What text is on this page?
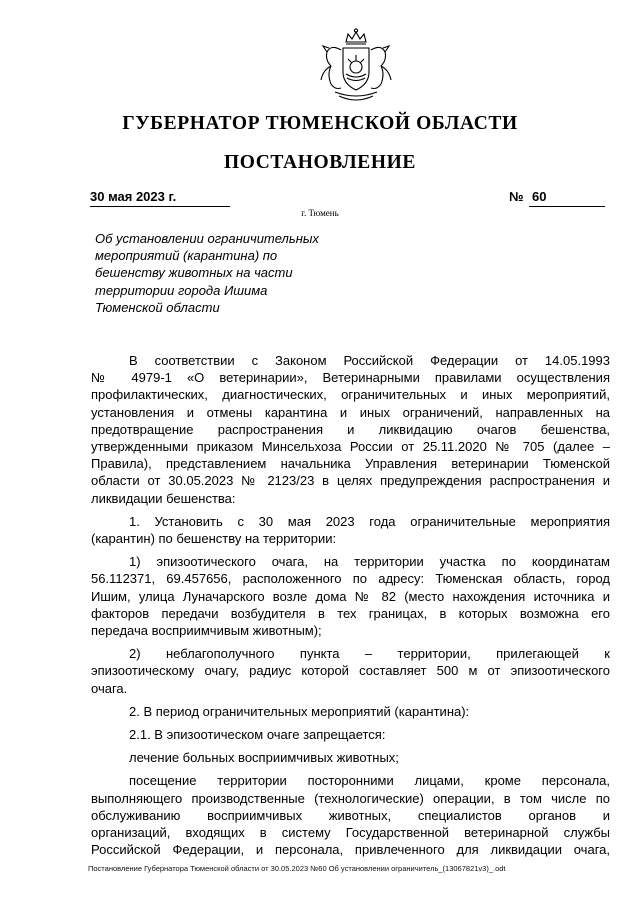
ГУБЕРНАТОР ТЮМЕНСКОЙ ОБЛАСТИ
ПОСТАНОВЛЕНИЕ
30 мая 2023 г.	№ 60
г. Тюмень
Об установлении ограничительных
мероприятий (карантина) по
бешенству животных на части
территории города Ишима
Тюменской области
В соответствии с Законом Российской Федерации от 14.05.1993
№ 4979-1 «О ветеринарии», Ветеринарными правилами осуществления
профилактических, диагностических, ограничительных и иных мероприятий,
установления и отмены карантина и иных ограничений, направленных на
предотвращение распространения и ликвидацию очагов бешенства,
утвержденными приказом Минсельхоза России от 25.11.2020 № 705 (далее –
Правила), представлением начальника Управления ветеринарии Тюменской
области от 30.05.2023 № 2123/23 в целях предупреждения распространения и
ликвидации бешенства:
1. Установить с 30 мая 2023 года ограничительные мероприятия
(карантин) по бешенству на территории:
1) эпизоотического очага, на территории участка по координатам
56.112371, 69.457656, расположенного по адресу: Тюменская область, город
Ишим, улица Луначарского возле дома № 82 (место нахождения источника и
факторов передачи возбудителя в тех границах, в которых возможна его
передача восприимчивым животным);
2) неблагополучного пункта – территории, прилегающей к
эпизоотическому очагу, радиус которой составляет 500 м от эпизоотического
очага.
2. В период ограничительных мероприятий (карантина):
2.1. В эпизоотическом очаге запрещается:
лечение больных восприимчивых животных;
посещение территории посторонними лицами, кроме персонала,
выполняющего производственные (технологические) операции, в том числе по
обслуживанию восприимчивых животных, специалистов органов и
организаций, входящих в систему Государственной ветеринарной службы
Российской Федерации, и персонала, привлеченного для ликвидации очага,
Постановление Губернатора Тюменской области от 30.05.2023 №60 Об установлении ограничитель_(13067821v3)_.odt
